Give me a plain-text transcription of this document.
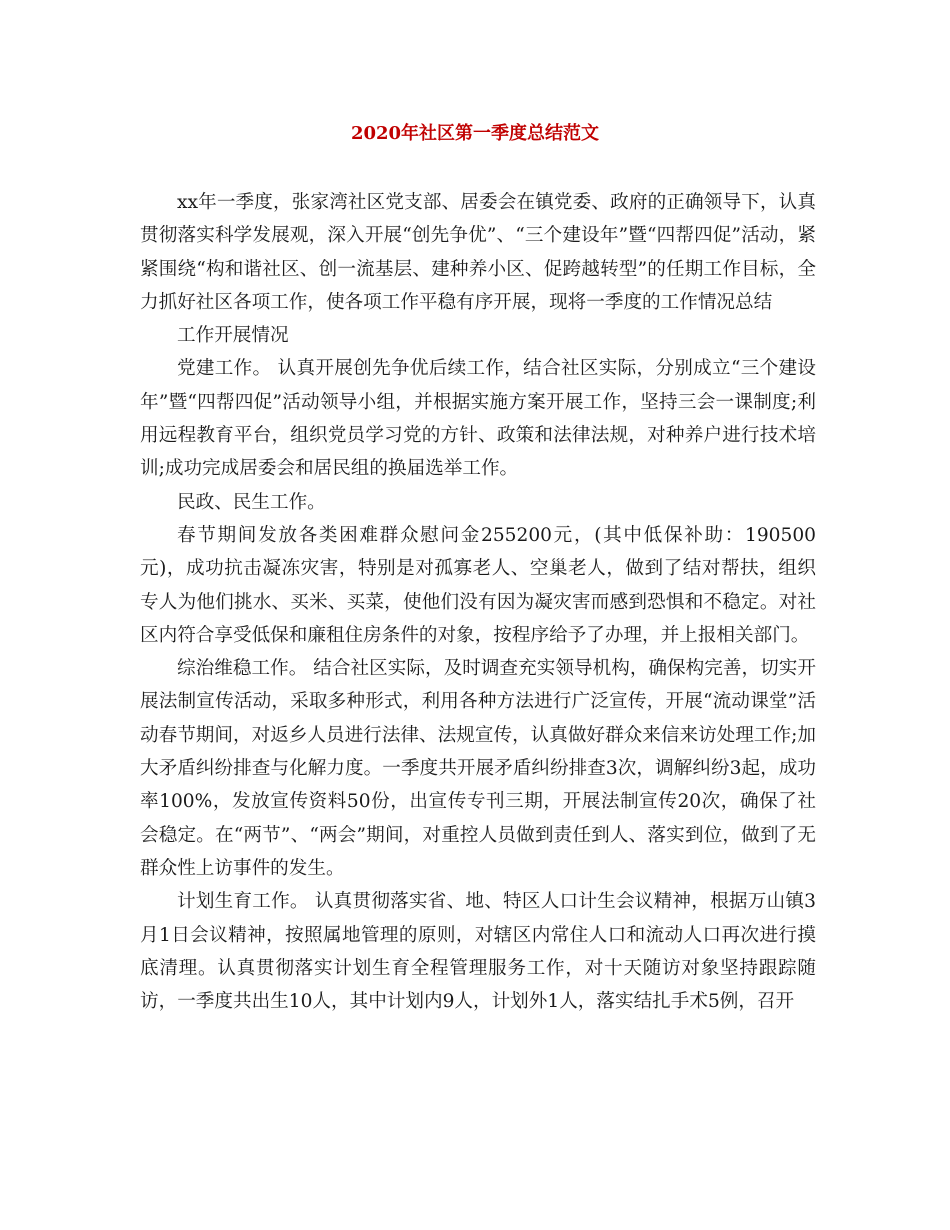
2020年社区第一季度总结范文

xx年一季度，张家湾社区党支部、居委会在镇党委、政府的正确领导下，认真贯彻落实科学发展观，深入开展“创先争优”、“三个建设年”暨“四帮四促”活动，紧紧围绕“构和谐社区、创一流基层、建种养小区、促跨越转型”的任期工作目标，全力抓好社区各项工作，使各项工作平稳有序开展，现将一季度的工作情况总结

工作开展情况

党建工作。 认真开展创先争优后续工作，结合社区实际，分别成立“三个建设年”暨“四帮四促”活动领导小组，并根据实施方案开展工作，坚持三会一课制度;利用远程教育平台，组织党员学习党的方针、政策和法律法规，对种养户进行技术培训;成功完成居委会和居民组的换届选举工作。

民政、民生工作。

春节期间发放各类困难群众慰问金255200元，(其中低保补助：190500元)，成功抗击凝冻灾害，特别是对孤寡老人、空巢老人，做到了结对帮扶，组织专人为他们挑水、买米、买菜，使他们没有因为凝灾害而感到恐惧和不稳定。对社区内符合享受低保和廉租住房条件的对象，按程序给予了办理，并上报相关部门。

综治维稳工作。 结合社区实际，及时调查充实领导机构，确保构完善，切实开展法制宣传活动，采取多种形式，利用各种方法进行广泛宣传，开展“流动课堂”活动春节期间，对返乡人员进行法律、法规宣传，认真做好群众来信来访处理工作;加大矛盾纠纷排查与化解力度。一季度共开展矛盾纠纷排查3次，调解纠纷3起，成功率100%，发放宣传资料50份，出宣传专刊三期，开展法制宣传20次，确保了社会稳定。在“两节”、“两会”期间，对重控人员做到责任到人、落实到位，做到了无群众性上访事件的发生。

计划生育工作。 认真贯彻落实省、地、特区人口计生会议精神，根据万山镇3月1日会议精神，按照属地管理的原则，对辖区内常住人口和流动人口再次进行摸底清理。认真贯彻落实计划生育全程管理服务工作，对十天随访对象坚持跟踪随访，一季度共出生10人，其中计划内9人，计划外1人，落实结扎手术5例，召开
